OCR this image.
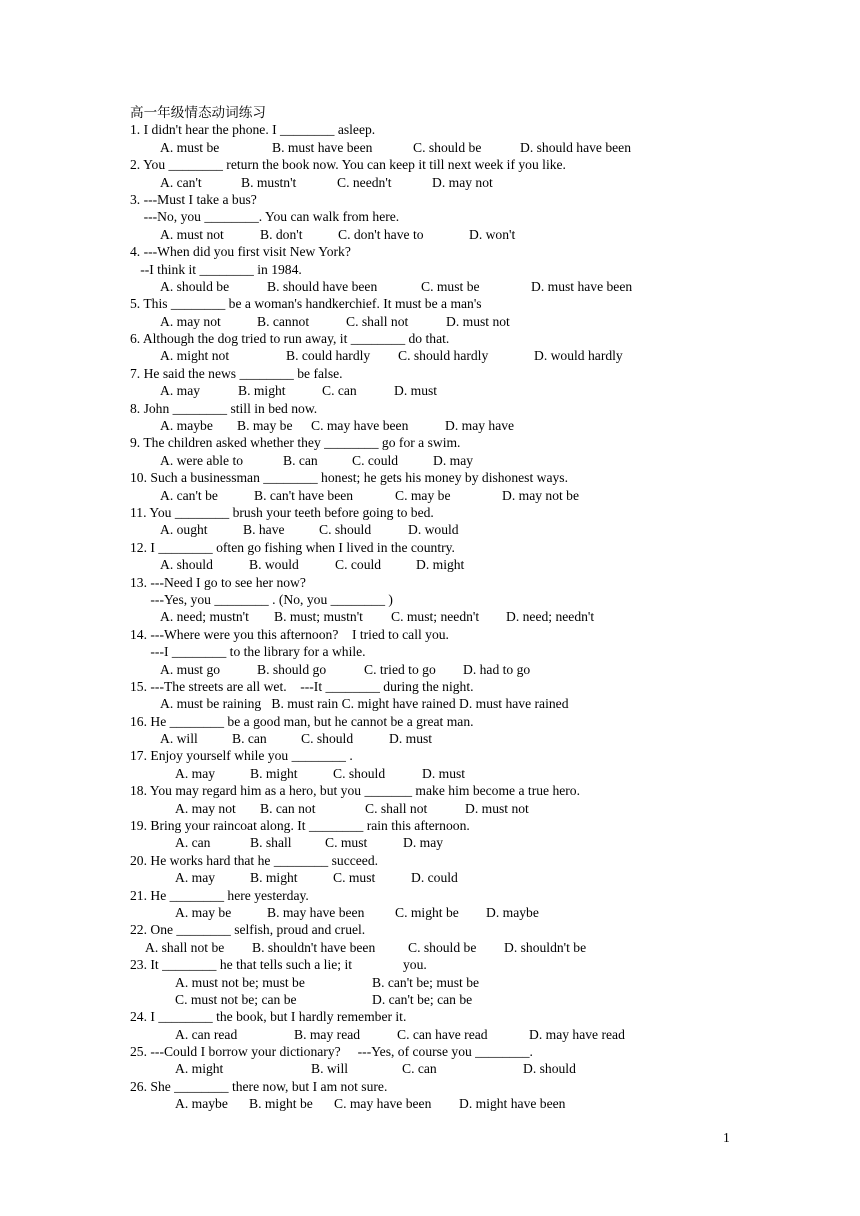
高一年级情态动词练习
1. I didn't hear the phone. I ________ asleep.
A. must be	B. must have been	C. should be	D. should have been
2. You ________ return the book now. You can keep it till next week if you like.
A. can't	B. mustn't	C. needn't	D. may not
3. ---Must I take a bus?
---No, you ________. You can walk from here.
A. must not	B. don't	C. don't have to	D. won't
4. ---When did you first visit New York?
--I think it ________ in 1984.
A. should be	B. should have been	C. must be	D. must have been
5. This ________ be a woman's handkerchief. It must be a man's
A. may not	B. cannot	C. shall not	D. must not
6. Although the dog tried to run away, it ________ do that.
A. might not	B. could hardly C. should hardly	D. would hardly
7. He said the news ________ be false.
A. may	B. might	C. can	D. must
8. John ________ still in bed now.
A. maybe B. may be C. may have been	D. may have
9. The children asked whether they ________ go for a swim.
A. were able to	B. can	C. could	D. may
10. Such a businessman ________ honest; he gets his money by dishonest ways.
A. can't be	B. can't have been	C. may be	D. may not be
11. You ________ brush your teeth before going to bed.
A. ought	B. have	C. should	D. would
12. I ________ often go fishing when I lived in the country.
A. should	B. would	C. could	D. might
13. ---Need I go to see her now?
---Yes, you ________ . (No, you ________ )
A. need; mustn't B. must; mustn't C. must; needn't D. need; needn't
14. ---Where were you this afternoon?    I tried to call you.
---I ________ to the library for a while.
A. must go	B. should go	C. tried to go D. had to go
15. ---The streets are all wet.    ---It ________ during the night.
A. must be raining   B. must rain C. might have rained D. must have rained
16. He ________ be a good man, but he cannot be a great man.
A. will	B. can	C. should	D. must
17. Enjoy yourself while you ________ .
A. may	B. might	C. should	D. must
18. You may regard him as a hero, but you _______ make him become a true hero.
A. may not B. can not	C. shall not	D. must not
19. Bring your raincoat along. It ________ rain this afternoon.
A. can	B. shall C. must	D. may
20. He works hard that he ________ succeed.
A. may	B. might	C. must	D. could
21. He ________ here yesterday.
A. may be	B. may have been C. might be D. maybe
22. One ________ selfish, proud and cruel.
A. shall not be B. shouldn't have been C. should be D. shouldn't be
23. It ________ he that tells such a lie; it               you.
A. must not be; must be	B. can't be; must be
C. must not be; can be	D. can't be; can be
24. I ________ the book, but I hardly remember it.
A. can read	B. may read	C. can have read	D. may have read
25. ---Could I borrow your dictionary?     ---Yes, of course you ________.
A. might	B. will	C. can	D. should
26. She ________ there now, but I am not sure.
A. maybe B. might be C. may have been D. might have been
1
